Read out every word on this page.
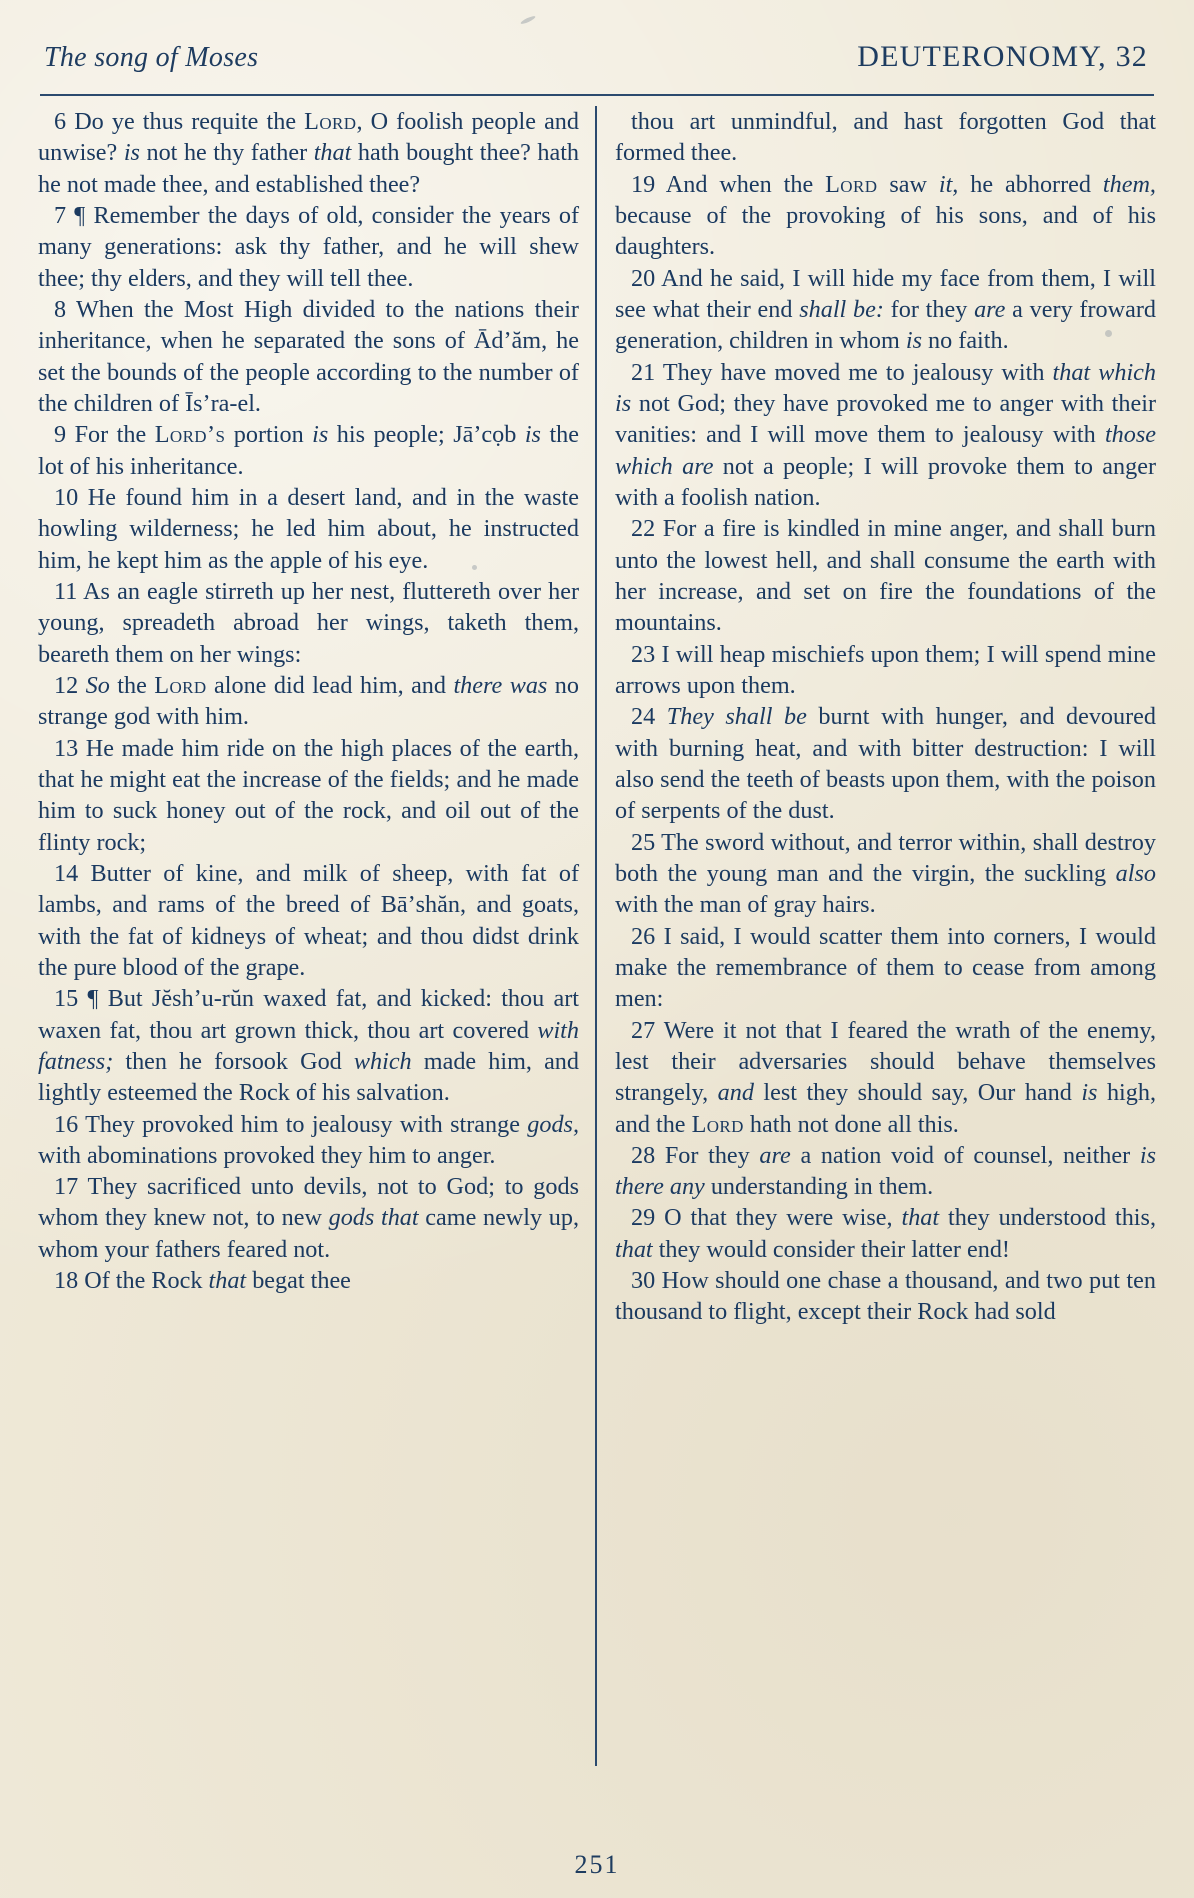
The song of Moses	DEUTERONOMY, 32
6 Do ye thus requite the Lord, O foolish people and unwise? is not he thy father that hath bought thee? hath he not made thee, and established thee?
7 ¶ Remember the days of old, consider the years of many generations: ask thy father, and he will shew thee; thy elders, and they will tell thee.
8 When the Most High divided to the nations their inheritance, when he separated the sons of Ādʼăm, he set the bounds of the people according to the number of the children of Īsʼra-el.
9 For the Lordʼs portion is his people; Jāʼcọb is the lot of his inheritance.
10 He found him in a desert land, and in the waste howling wilderness; he led him about, he instructed him, he kept him as the apple of his eye.
11 As an eagle stirreth up her nest, fluttereth over her young, spreadeth abroad her wings, taketh them, beareth them on her wings:
12 So the Lord alone did lead him, and there was no strange god with him.
13 He made him ride on the high places of the earth, that he might eat the increase of the fields; and he made him to suck honey out of the rock, and oil out of the flinty rock;
14 Butter of kine, and milk of sheep, with fat of lambs, and rams of the breed of Bāʼshăn, and goats, with the fat of kidneys of wheat; and thou didst drink the pure blood of the grape.
15 ¶ But Jĕshʼu-rŭn waxed fat, and kicked: thou art waxen fat, thou art grown thick, thou art covered with fatness; then he forsook God which made him, and lightly esteemed the Rock of his salvation.
16 They provoked him to jealousy with strange gods, with abominations provoked they him to anger.
17 They sacrificed unto devils, not to God; to gods whom they knew not, to new gods that came newly up, whom your fathers feared not.
18 Of the Rock that begat thee
thou art unmindful, and hast forgotten God that formed thee.
19 And when the Lord saw it, he abhorred them, because of the provoking of his sons, and of his daughters.
20 And he said, I will hide my face from them, I will see what their end shall be: for they are a very froward generation, children in whom is no faith.
21 They have moved me to jealousy with that which is not God; they have provoked me to anger with their vanities: and I will move them to jealousy with those which are not a people; I will provoke them to anger with a foolish nation.
22 For a fire is kindled in mine anger, and shall burn unto the lowest hell, and shall consume the earth with her increase, and set on fire the foundations of the mountains.
23 I will heap mischiefs upon them; I will spend mine arrows upon them.
24 They shall be burnt with hunger, and devoured with burning heat, and with bitter destruction: I will also send the teeth of beasts upon them, with the poison of serpents of the dust.
25 The sword without, and terror within, shall destroy both the young man and the virgin, the suckling also with the man of gray hairs.
26 I said, I would scatter them into corners, I would make the remembrance of them to cease from among men:
27 Were it not that I feared the wrath of the enemy, lest their adversaries should behave themselves strangely, and lest they should say, Our hand is high, and the Lord hath not done all this.
28 For they are a nation void of counsel, neither is there any understanding in them.
29 O that they were wise, that they understood this, that they would consider their latter end!
30 How should one chase a thousand, and two put ten thousand to flight, except their Rock had sold
251
